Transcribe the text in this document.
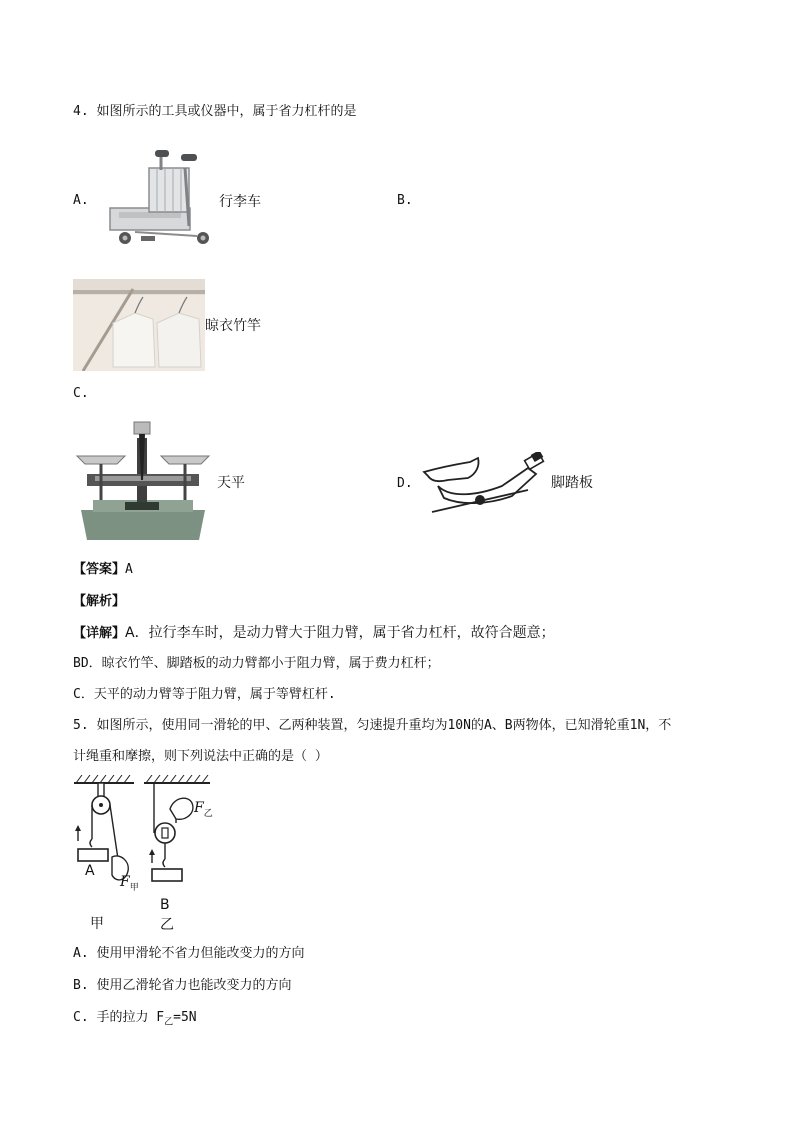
4. 如图所示的工具或仪器中，属于省力杠杆的是
A.	行李车	B.
晾衣竹竿
C.
天平	D.	脚踏板
【答案】A
【解析】
【详解】A．拉行李车时，是动力臂大于阻力臂，属于省力杠杆，故符合题意；
BD．晾衣竹竿、脚踏板的动力臂都小于阻力臂，属于费力杠杆；
C．天平的动力臂等于阻力臂，属于等臂杠杆.
5. 如图所示，使用同一滑轮的甲、乙两种装置，匀速提升重均为10N的A、B两物体，已知滑轮重1N，不
计绳重和摩擦，则下列说法中正确的是（ ）
A
$F_甲$
甲
$F_乙$
B
乙
A. 使用甲滑轮不省力但能改变力的方向
B. 使用乙滑轮省力也能改变力的方向
C. 手的拉力 $F_乙=5N$
